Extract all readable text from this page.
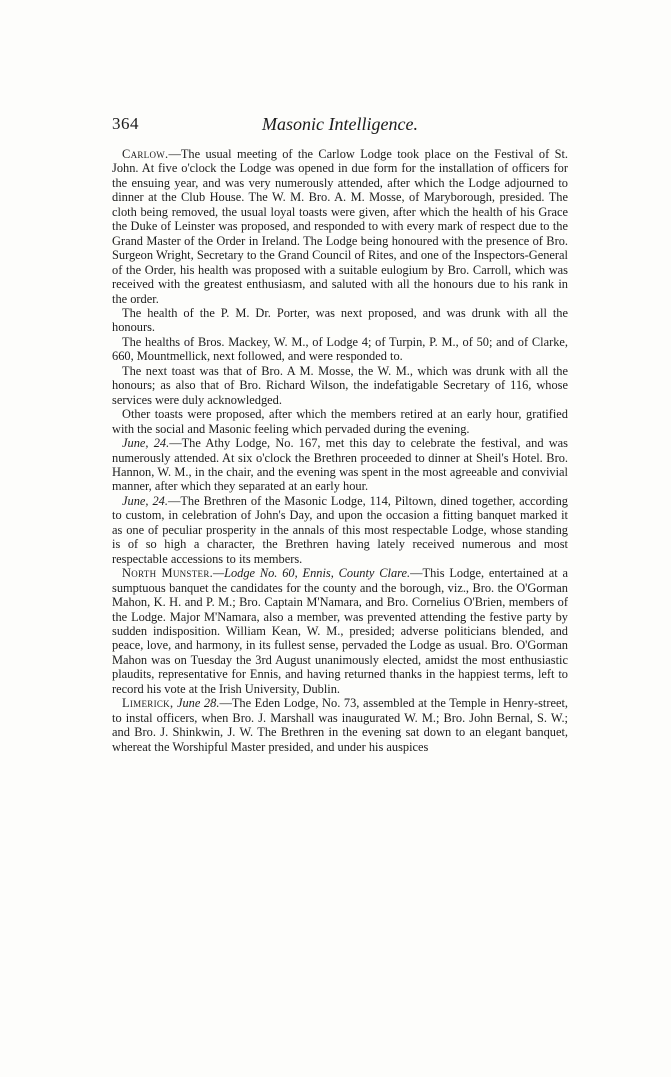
364	Masonic Intelligence.

Carlow.—The usual meeting of the Carlow Lodge took place on the Festival of St. John. At five o'clock the Lodge was opened in due form for the installation of officers for the ensuing year, and was very numerously attended, after which the Lodge adjourned to dinner at the Club House. The W. M. Bro. A. M. Mosse, of Maryborough, presided. The cloth being removed, the usual loyal toasts were given, after which the health of his Grace the Duke of Leinster was proposed, and responded to with every mark of respect due to the Grand Master of the Order in Ireland. The Lodge being honoured with the presence of Bro. Surgeon Wright, Secretary to the Grand Council of Rites, and one of the Inspectors-General of the Order, his health was proposed with a suitable eulogium by Bro. Carroll, which was received with the greatest enthusiasm, and saluted with all the honours due to his rank in the order.

The health of the P. M. Dr. Porter, was next proposed, and was drunk with all the honours.

The healths of Bros. Mackey, W. M., of Lodge 4; of Turpin, P. M., of 50; and of Clarke, 660, Mountmellick, next followed, and were responded to.

The next toast was that of Bro. A M. Mosse, the W. M., which was drunk with all the honours; as also that of Bro. Richard Wilson, the indefatigable Secretary of 116, whose services were duly acknowledged.

Other toasts were proposed, after which the members retired at an early hour, gratified with the social and Masonic feeling which pervaded during the evening.

June, 24.—The Athy Lodge, No. 167, met this day to celebrate the festival, and was numerously attended. At six o'clock the Brethren proceeded to dinner at Sheil's Hotel. Bro. Hannon, W. M., in the chair, and the evening was spent in the most agreeable and convivial manner, after which they separated at an early hour.

June, 24.—The Brethren of the Masonic Lodge, 114, Piltown, dined together, according to custom, in celebration of John's Day, and upon the occasion a fitting banquet marked it as one of peculiar prosperity in the annals of this most respectable Lodge, whose standing is of so high a character, the Brethren having lately received numerous and most respectable accessions to its members.

North Munster.—Lodge No. 60, Ennis, County Clare.—This Lodge, entertained at a sumptuous banquet the candidates for the county and the borough, viz., Bro. the O'Gorman Mahon, K. H. and P. M.; Bro. Captain M'Namara, and Bro. Cornelius O'Brien, members of the Lodge. Major M'Namara, also a member, was prevented attending the festive party by sudden indisposition. William Kean, W. M., presided; adverse politicians blended, and peace, love, and harmony, in its fullest sense, pervaded the Lodge as usual. Bro. O'Gorman Mahon was on Tuesday the 3rd August unanimously elected, amidst the most enthusiastic plaudits, representative for Ennis, and having returned thanks in the happiest terms, left to record his vote at the Irish University, Dublin.

Limerick, June 28.—The Eden Lodge, No. 73, assembled at the Temple in Henry-street, to instal officers, when Bro. J. Marshall was inaugurated W. M.; Bro. John Bernal, S. W.; and Bro. J. Shinkwin, J. W. The Brethren in the evening sat down to an elegant banquet, whereat the Worshipful Master presided, and under his auspices
